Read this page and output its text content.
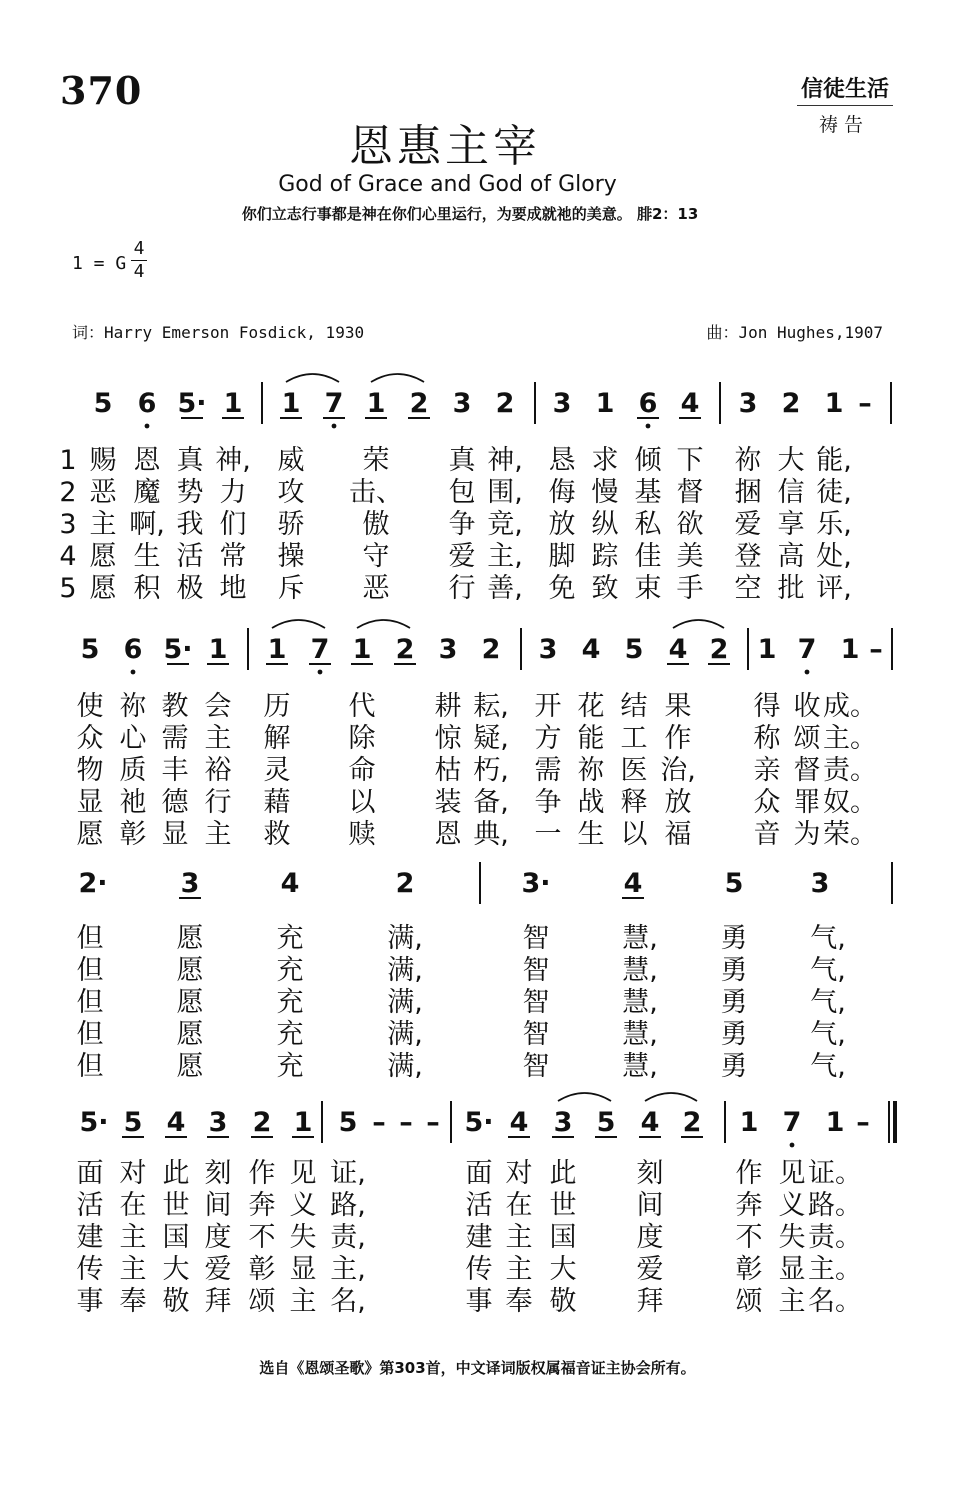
370	信徒生活
祷 告
恩惠主宰
God of Grace and God of Glory
你们立志行事都是神在你们心里运行，为要成就祂的美意。 腓2：13
1 = G
4
4
词：Harry Emerson Fosdick, 1930	曲：Jon Hughes,1907
5 6 5· 1 1 7 1 2 3 2 3 1 6 4 3 2 1 –
1 赐 恩 真 神, 威 荣 真 神, 恳 求 倾 下 祢 大 能,
2 恶 魔 势 力 攻 击、 包 围, 侮 慢 基 督 捆 信 徒,
3 主 啊, 我 们 骄 傲 争 竞, 放 纵 私 欲 爱 享 乐,
4 愿 生 活 常 操 守 爱 主, 脚 踪 佳 美 登 高 处,
5 愿 积 极 地 斥 恶 行 善, 免 致 束 手 空 批 评,
5 6 5· 1 1 7 1 2 3 2 3 4 5 4 2 1 7 1 –
使 祢 教 会 历 代 耕 耘, 开 花 结 果 得 收 成。
众 心 需 主 解 除 惊 疑, 方 能 工 作 称 颂 主。
物 质 丰 裕 灵 命 枯 朽, 需 祢 医 治, 亲 督 责。
显 祂 德 行 藉 以 装 备, 争 战 释 放 众 罪 奴。
愿 彰 显 主 救 赎 恩 典, 一 生 以 福 音 为 荣。
2·	3	4	2	3·	4	5 3
但	愿	充	满,	智	慧, 勇 气,
但	愿	充	满,	智	慧, 勇 气,
但	愿	充	满,	智	慧, 勇 气,
但	愿	充	满,	智	慧, 勇 气,
但	愿	充	满,	智	慧, 勇 气,
5· 5 4 3 2 1 5 – – – 5· 4 3 5 4 2 1 7 1 –
面 对 此 刻 作 见 证,	面 对 此 刻	作 见 证。
活 在 世 间 奔 义 路,	活 在 世 间	奔 义 路。
建 主 国 度 不 失 责,	建 主 国 度	不 失 责。
传 主 大 爱 彰 显 主,	传 主 大 爱	彰 显 主。
事 奉 敬 拜 颂 主 名,	事 奉 敬 拜	颂 主 名。
选自《恩颂圣歌》第303首，中文译词版权属福音证主协会所有。
